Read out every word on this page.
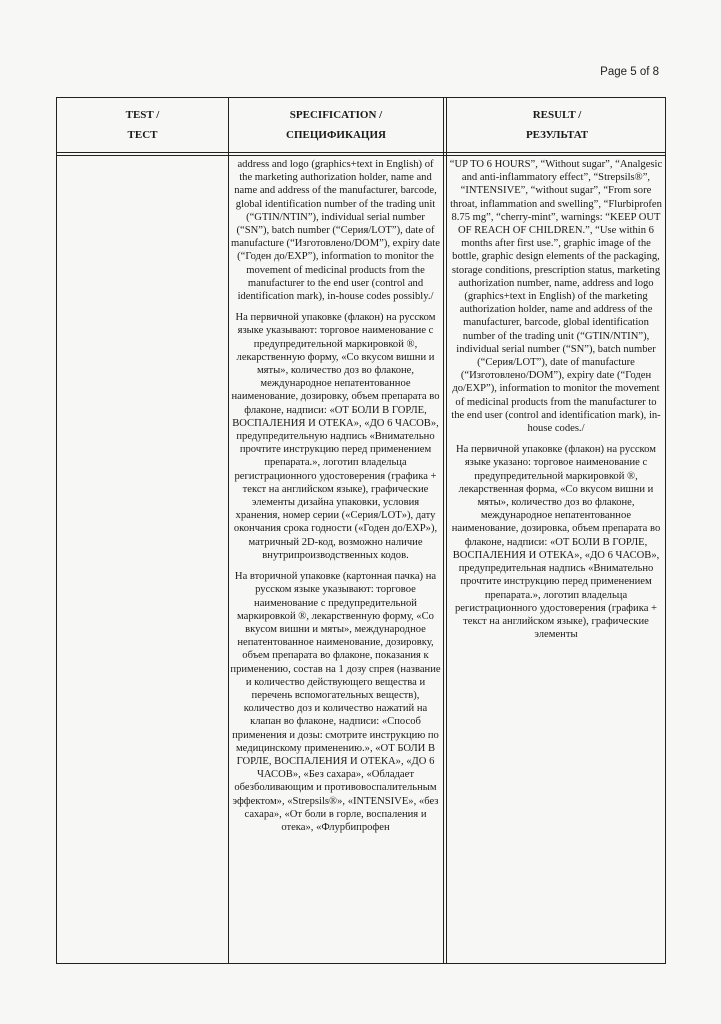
Page 5 of 8
TEST /
ТЕСТ
SPECIFICATION /
СПЕЦИФИКАЦИЯ
RESULT /
РЕЗУЛЬТАТ

address and logo (graphics+text in English) of the marketing authorization holder, name and name and address of the manufacturer, barcode, global identification number of the trading unit (“GTIN/NTIN”), individual serial number (“SN”), batch number (“Серия/LOT”), date of manufacture (“Изготовлено/DOM”), expiry date (“Годен до/EXP”), information to monitor the movement of medicinal products from the manufacturer to the end user (control and identification mark), in-house codes possibly./

На первичной упаковке (флакон) на русском языке указывают: торговое наименование с предупредительной маркировкой ®, лекарственную форму, «Со вкусом вишни и мяты», количество доз во флаконе, международное непатентованное наименование, дозировку, объем препарата во флаконе, надписи: «ОТ БОЛИ В ГОРЛЕ, ВОСПАЛЕНИЯ И ОТЕКА», «ДО 6 ЧАСОВ», предупредительную надпись «Внимательно прочтите инструкцию перед применением препарата.», логотип владельца регистрационного удостоверения (графика + текст на английском языке), графические элементы дизайна упаковки, условия хранения, номер серии («Серия/LOT»), дату окончания срока годности («Годен до/EXP»), матричный 2D-код, возможно наличие внутрипроизводственных кодов.

На вторичной упаковке (картонная пачка) на русском языке указывают: торговое наименование с предупредительной маркировкой ®, лекарственную форму, «Со вкусом вишни и мяты», международное непатентованное наименование, дозировку, объем препарата во флаконе, показания к применению, состав на 1 дозу спрея (название и количество действующего вещества и перечень вспомогательных веществ), количество доз и количество нажатий на клапан во флаконе, надписи: «Способ применения и дозы: смотрите инструкцию по медицинскому применению.», «ОТ БОЛИ В ГОРЛЕ, ВОСПАЛЕНИЯ И ОТЕКА», «ДО 6 ЧАСОВ», «Без сахара», «Обладает обезболивающим и противовоспалительным эффектом», «Strepsils®», «INTENSIVE», «без сахара», «От боли в горле, воспаления и отека», «Флурбипрофен

“UP TO 6 HOURS”, “Without sugar”, “Analgesic and anti-inflammatory effect”, “Strepsils®”, “INTENSIVE”, “without sugar”, “From sore throat, inflammation and swelling”, “Flurbiprofen 8.75 mg”, “cherry-mint”, warnings: “KEEP OUT OF REACH OF CHILDREN.”, “Use within 6 months after first use.”, graphic image of the bottle, graphic design elements of the packaging, storage conditions, prescription status, marketing authorization number, name, address and logo (graphics+text in English) of the marketing authorization holder, name and address of the manufacturer, barcode, global identification number of the trading unit (“GTIN/NTIN”), individual serial number (“SN”), batch number (“Серия/LOT”), date of manufacture (“Изготовлено/DOM”), expiry date (“Годен до/EXP”), information to monitor the movement of medicinal products from the manufacturer to the end user (control and identification mark), in-house codes./

На первичной упаковке (флакон) на русском языке указано: торговое наименование с предупредительной маркировкой ®, лекарственная форма, «Со вкусом вишни и мяты», количество доз во флаконе, международное непатентованное наименование, дозировка, объем препарата во флаконе, надписи: «ОТ БОЛИ В ГОРЛЕ, ВОСПАЛЕНИЯ И ОТЕКА», «ДО 6 ЧАСОВ», предупредительная надпись «Внимательно прочтите инструкцию перед применением препарата.», логотип владельца регистрационного удостоверения (графика + текст на английском языке), графические элементы
